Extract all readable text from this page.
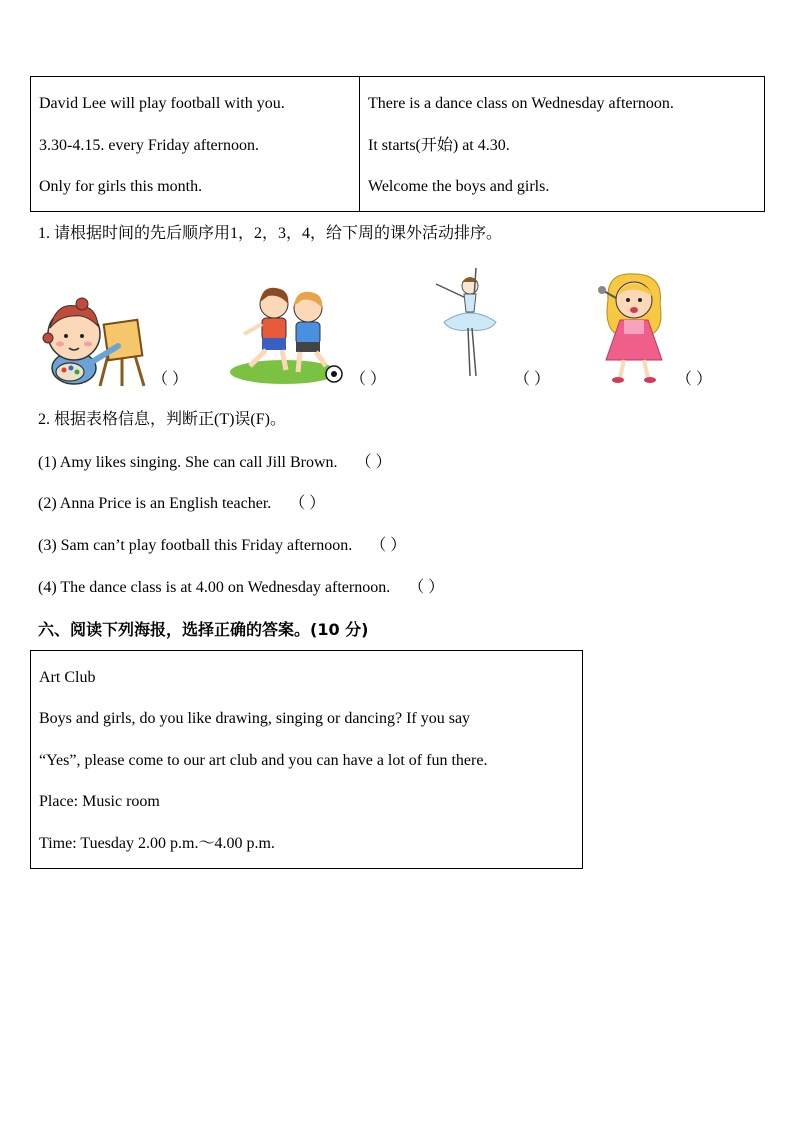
David Lee will play football with you.
3.30-4.15. every Friday afternoon.
Only for girls this month.
There is a dance class on Wednesday afternoon.
It starts(开始) at 4.30.
Welcome the boys and girls.
1. 请根据时间的先后顺序用1，2，3，4，给下周的课外活动排序。
（ ）	（ ）	（ ）	（ ）
2. 根据表格信息，判断正(T)误(F)。
(1) Amy likes singing. She can call Jill Brown. （ ）
(2) Anna Price is an English teacher. （ ）
(3) Sam can’t play football this Friday afternoon. （ ）
(4) The dance class is at 4.00 on Wednesday afternoon. （ ）
六、阅读下列海报，选择正确的答案。(10 分)
Art Club
Boys and girls, do you like drawing, singing or dancing? If you say
“Yes”, please come to our art club and you can have a lot of fun there.
Place: Music room
Time: Tuesday 2.00 p.m.～4.00 p.m.
